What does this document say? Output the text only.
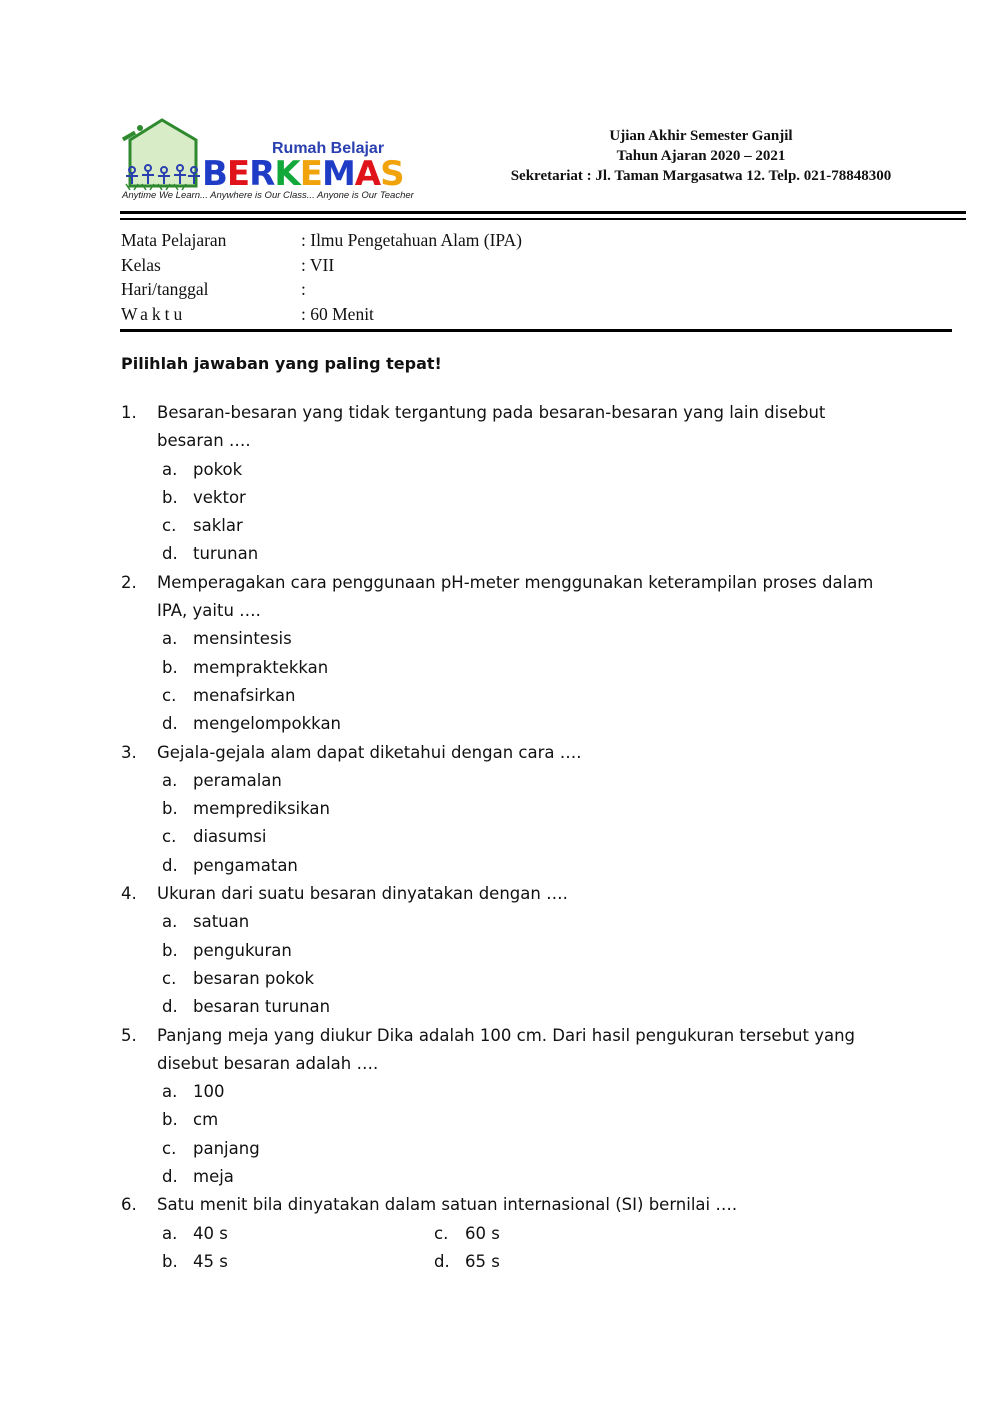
Rumah Belajar
BERKEMAS
Anytime We Learn... Anywhere is Our Class... Anyone is Our Teacher
Ujian Akhir Semester Ganjil
Tahun Ajaran 2020 – 2021
Sekretariat : Jl. Taman Margasatwa 12. Telp. 021-78848300
Mata Pelajaran	: Ilmu Pengetahuan Alam (IPA)
Kelas	: VII
Hari/tanggal	:
Waktu	: 60 Menit
Pilihlah jawaban yang paling tepat!
1.	Besaran-besaran yang tidak tergantung pada besaran-besaran yang lain disebut besaran ….
a. pokok
b. vektor
c.	saklar
d. turunan
2.	Memperagakan cara penggunaan pH-meter menggunakan keterampilan proses dalam IPA, yaitu ….
a. mensintesis
b. mempraktekkan
c.	menafsirkan
d. mengelompokkan
3.	Gejala-gejala alam dapat diketahui dengan cara ….
a. peramalan
b. memprediksikan
c.	diasumsi
d. pengamatan
4.	Ukuran dari suatu besaran dinyatakan dengan ….
a. satuan
b. pengukuran
c.	besaran pokok
d. besaran turunan
5.	Panjang meja yang diukur Dika adalah 100 cm. Dari hasil pengukuran tersebut yang disebut besaran adalah ….
a. 100
b. cm
c.	panjang
d. meja
6.	Satu menit bila dinyatakan dalam satuan internasional (SI) bernilai ….
a. 40 s	c.	60 s
b. 45 s	d. 65 s
